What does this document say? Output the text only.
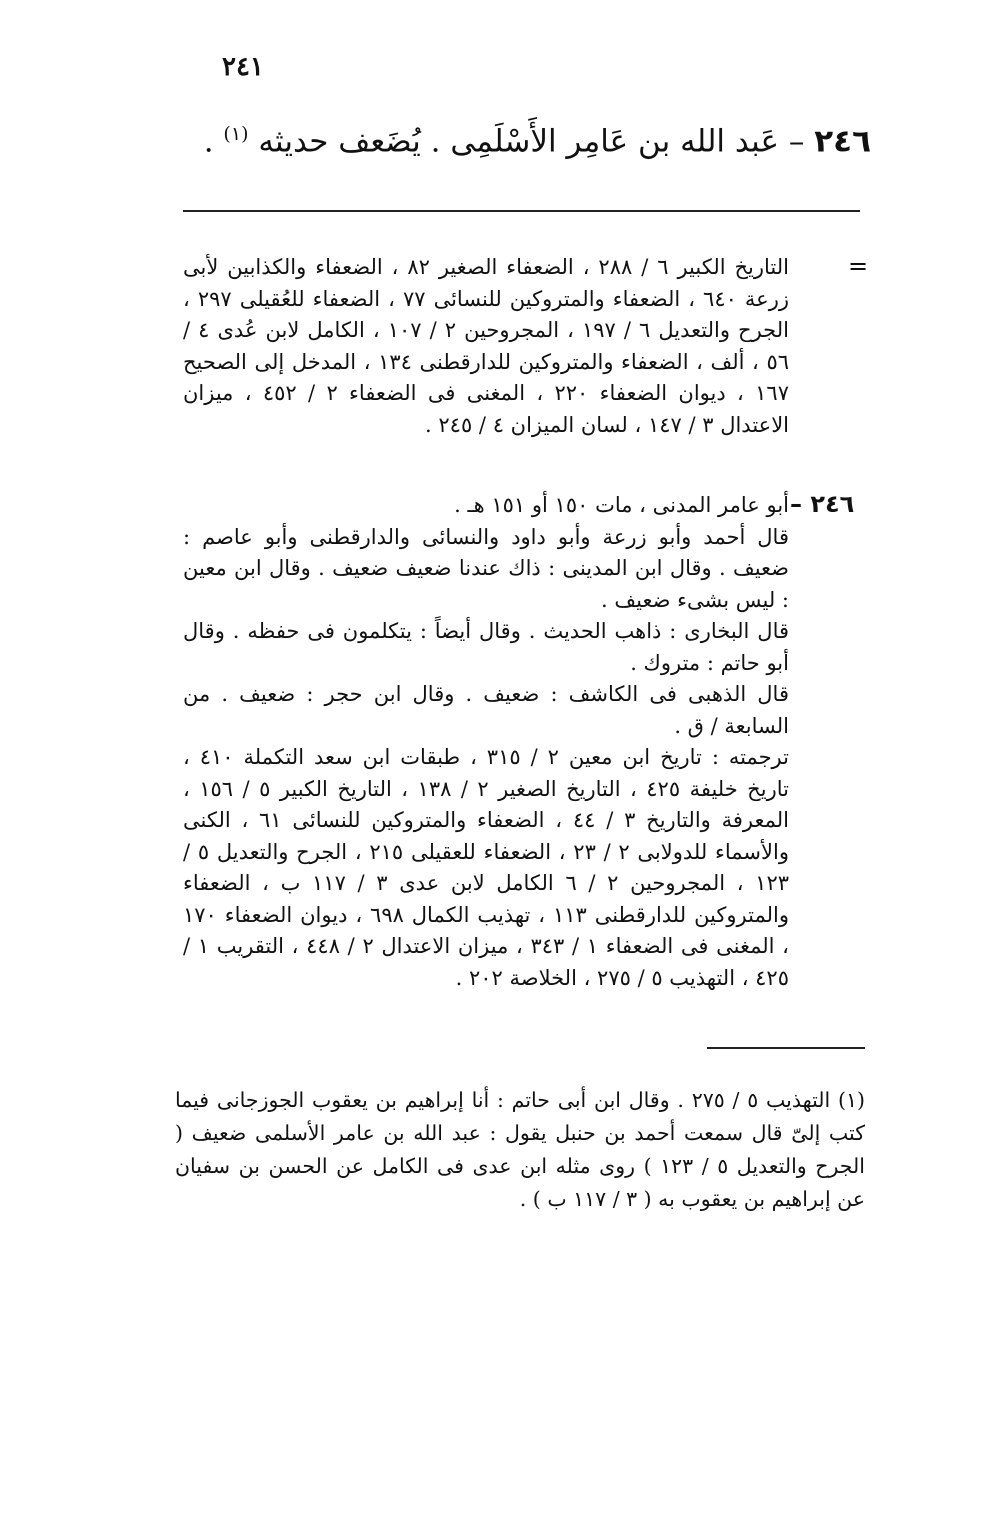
٢٤١
٢٤٦ – عَبد الله بن عَامِر الأَسْلَمِى . يُضَعف حديثه $^{(١)}$ .
=

التاريخ الكبير ٦ / ٢٨٨ ، الضعفاء الصغير ٨٢ ، الضعفاء والكذابين لأبى زرعة ٦٤٠ ، الضعفاء والمتروكين للنسائى ٧٧ ، الضعفاء للعُقيلى ٢٩٧ ، الجرح والتعديل ٦ / ١٩٧ ، المجروحين ٢ / ١٠٧ ، الكامل لابن عُدى ٤ / ٥٦ ، ألف ، الضعفاء والمتروكين للدارقطنى ١٣٤ ، المدخل إلى الصحيح ١٦٧ ، ديوان الضعفاء ٢٢٠ ، المغنى فى الضعفاء ٢ / ٤٥٢ ، ميزان الاعتدال ٣ / ١٤٧ ، لسان الميزان ٤ / ٢٤٥ .

٢٤٦ –

أبو عامر المدنى ، مات ١٥٠ أو ١٥١ هـ .

قال أحمد وأبو زرعة وأبو داود والنسائى والدارقطنى وأبو عاصم : ضعيف . وقال ابن المدينى : ذاك عندنا ضعيف ضعيف . وقال ابن معين : ليس بشىء ضعيف .

قال البخارى : ذاهب الحديث . وقال أيضاً : يتكلمون فى حفظه . وقال أبو حاتم : متروك .

قال الذهبى فى الكاشف : ضعيف . وقال ابن حجر : ضعيف . من السابعة / ق .

ترجمته : تاريخ ابن معين ٢ / ٣١٥ ، طبقات ابن سعد التكملة ٤١٠ ، تاريخ خليفة ٤٢٥ ، التاريخ الصغير ٢ / ١٣٨ ، التاريخ الكبير ٥ / ١٥٦ ، المعرفة والتاريخ ٣ / ٤٤ ، الضعفاء والمتروكين للنسائى ٦١ ، الكنى والأسماء للدولابى ٢ / ٢٣ ، الضعفاء للعقيلى ٢١٥ ، الجرح والتعديل ٥ / ١٢٣ ، المجروحين ٢ / ٦ الكامل لابن عدى ٣ / ١١٧ ب ، الضعفاء والمتروكين للدارقطنى ١١٣ ، تهذيب الكمال ٦٩٨ ، ديوان الضعفاء ١٧٠ ، المغنى فى الضعفاء ١ / ٣٤٣ ، ميزان الاعتدال ٢ / ٤٤٨ ، التقريب ١ / ٤٢٥ ، التهذيب ٥ / ٢٧٥ ، الخلاصة ٢٠٢ .

(١) التهذيب ٥ / ٢٧٥ . وقال ابن أبى حاتم : أنا إبراهيم بن يعقوب الجوزجانى فيما كتب إلىّ قال سمعت أحمد بن حنبل يقول : عبد الله بن عامر الأسلمى ضعيف ( الجرح والتعديل ٥ / ١٢٣ ) روى مثله ابن عدى فى الكامل عن الحسن بن سفيان عن إبراهيم بن يعقوب به ( ٣ / ١١٧ ب ) .
